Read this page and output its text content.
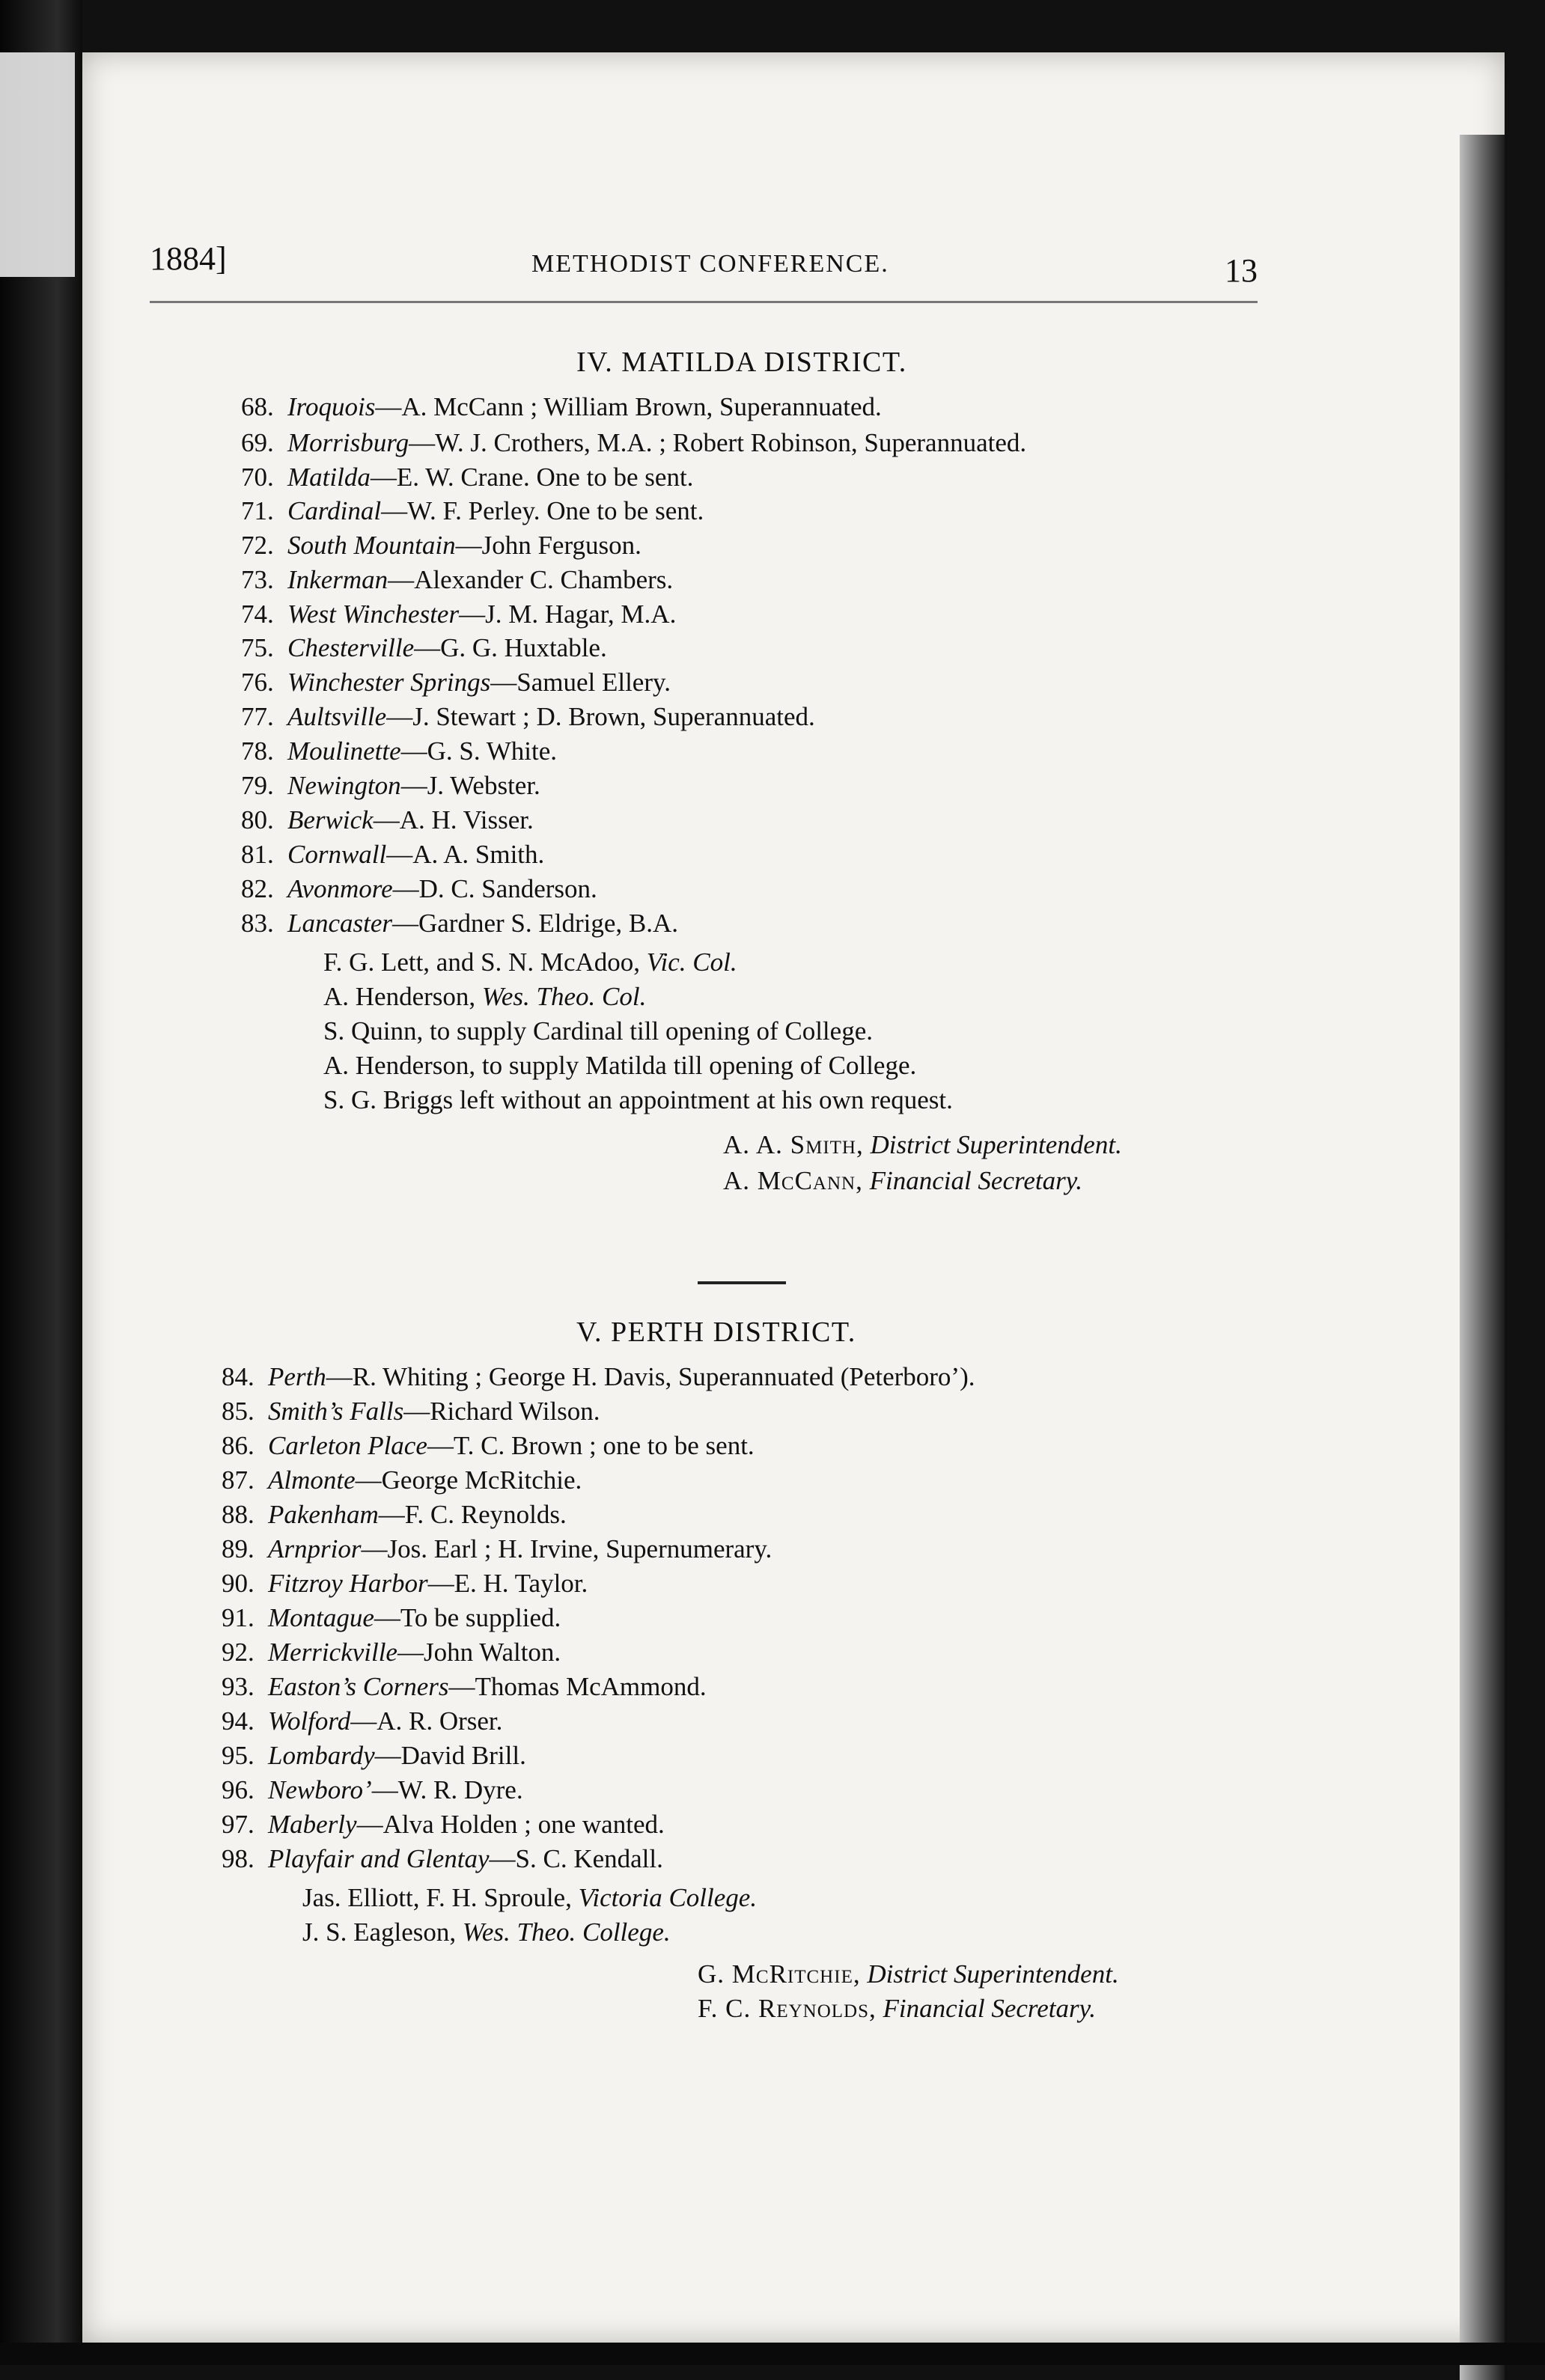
1884]	METHODIST CONFERENCE.	13
IV. MATILDA DISTRICT.
68. Iroquois—A. McCann ; William Brown, Superannuated.
69. Morrisburg—W. J. Crothers, M.A. ; Robert Robinson, Superannuated.
70. Matilda—E. W. Crane. One to be sent.
71. Cardinal—W. F. Perley. One to be sent.
72. South Mountain—John Ferguson.
73. Inkerman—Alexander C. Chambers.
74. West Winchester—J. M. Hagar, M.A.
75. Chesterville—G. G. Huxtable.
76. Winchester Springs—Samuel Ellery.
77. Aultsville—J. Stewart ; D. Brown, Superannuated.
78. Moulinette—G. S. White.
79. Newington—J. Webster.
80. Berwick—A. H. Visser.
81. Cornwall—A. A. Smith.
82. Avonmore—D. C. Sanderson.
83. Lancaster—Gardner S. Eldrige, B.A.
F. G. Lett, and S. N. McAdoo, Vic. Col.
A. Henderson, Wes. Theo. Col.
S. Quinn, to supply Cardinal till opening of College.
A. Henderson, to supply Matilda till opening of College.
S. G. Briggs left without an appointment at his own request.
A. A. Smith, District Superintendent.
A. McCann, Financial Secretary.
V. PERTH DISTRICT.
84. Perth—R. Whiting ; George H. Davis, Superannuated (Peterboro’).
85. Smith’s Falls—Richard Wilson.
86. Carleton Place—T. C. Brown ; one to be sent.
87. Almonte—George McRitchie.
88. Pakenham—F. C. Reynolds.
89. Arnprior—Jos. Earl ; H. Irvine, Supernumerary.
90. Fitzroy Harbor—E. H. Taylor.
91. Montague—To be supplied.
92. Merrickville—John Walton.
93. Easton’s Corners—Thomas McAmmond.
94. Wolford—A. R. Orser.
95. Lombardy—David Brill.
96. Newboro’—W. R. Dyre.
97. Maberly—Alva Holden ; one wanted.
98. Playfair and Glentay—S. C. Kendall.
Jas. Elliott, F. H. Sproule, Victoria College.
J. S. Eagleson, Wes. Theo. College.
G. McRitchie, District Superintendent.
F. C. Reynolds, Financial Secretary.
